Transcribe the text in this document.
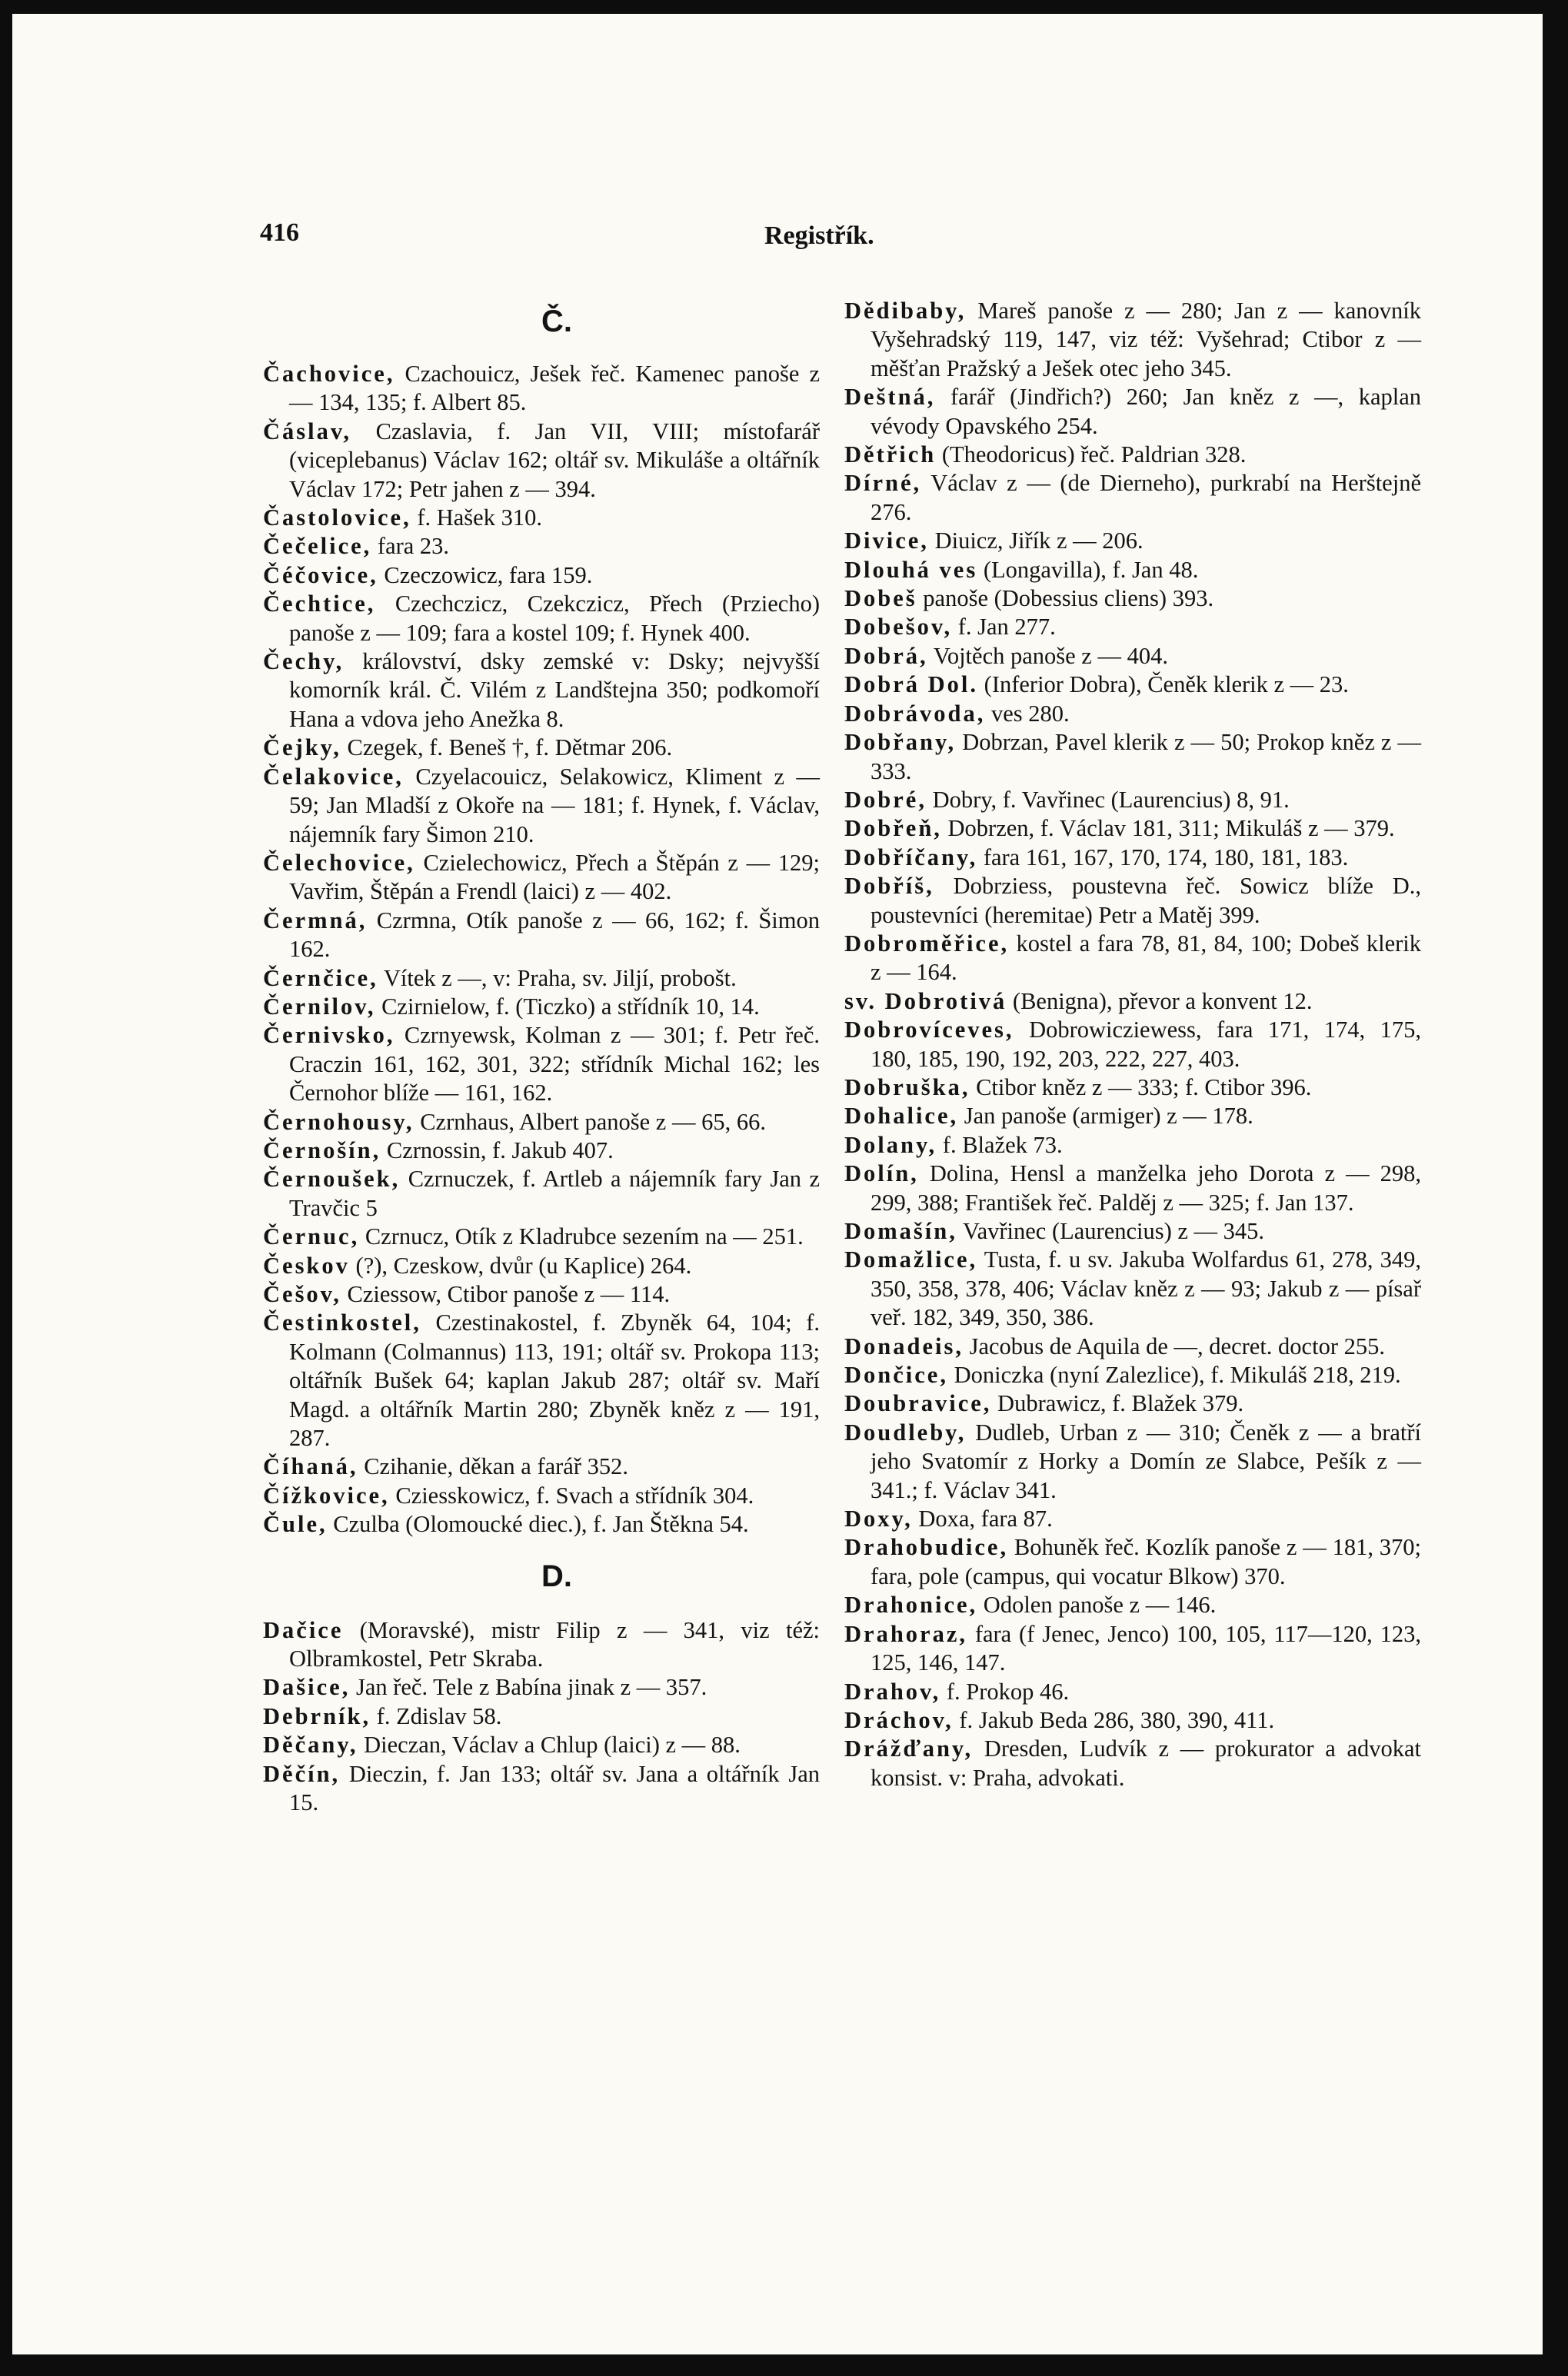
416	Registřík.
Č.

Čachovice, Czachouicz, Ješek řeč. Kamenec panoše z — 134, 135; f. Albert 85.

Čáslav, Czaslavia, f. Jan VII, VIII; místofarář (viceplebanus) Václav 162; oltář sv. Mikuláše a oltářník Václav 172; Petr jahen z — 394.

Častolovice, f. Hašek 310.

Čečelice, fara 23.

Čéčovice, Czeczowicz, fara 159.

Čechtice, Czechczicz, Czekczicz, Přech (Prziecho) panoše z — 109; fara a kostel 109; f. Hynek 400.

Čechy, království, dsky zemské v: Dsky; nejvyšší komorník král. Č. Vilém z Landštejna 350; podkomoří Hana a vdova jeho Anežka 8.

Čejky, Czegek, f. Beneš †, f. Dětmar 206.

Čelakovice, Czyelacouicz, Selakowicz, Kliment z — 59; Jan Mladší z Okoře na — 181; f. Hynek, f. Václav, nájemník fary Šimon 210.

Čelechovice, Czielechowicz, Přech a Štěpán z — 129; Vavřim, Štěpán a Frendl (laici) z — 402.

Čermná, Czrmna, Otík panoše z — 66, 162; f. Šimon 162.

Černčice, Vítek z —, v: Praha, sv. Jiljí, probošt.

Černilov, Czirnielow, f. (Ticzko) a střídník 10, 14.

Černivsko, Czrnyewsk, Kolman z — 301; f. Petr řeč. Craczin 161, 162, 301, 322; střídník Michal 162; les Černohor blíže — 161, 162.

Černohousy, Czrnhaus, Albert panoše z — 65, 66.

Černošín, Czrnossin, f. Jakub 407.

Černoušek, Czrnuczek, f. Artleb a nájemník fary Jan z Travčic 5

Černuc, Czrnucz, Otík z Kladrubce sezením na — 251.

Českov (?), Czeskow, dvůr (u Kaplice) 264.

Češov, Cziessow, Ctibor panoše z — 114.

Čestinkostel, Czestinakostel, f. Zbyněk 64, 104; f. Kolmann (Colmannus) 113, 191; oltář sv. Prokopa 113; oltářník Bušek 64; kaplan Jakub 287; oltář sv. Maří Magd. a oltářník Martin 280; Zbyněk kněz z — 191, 287.

Číhaná, Czihanie, děkan a farář 352.

Čížkovice, Cziesskowicz, f. Svach a střídník 304.

Čule, Czulba (Olomoucké diec.), f. Jan Štěkna 54.

D.

Dačice (Moravské), mistr Filip z — 341, viz též: Olbramkostel, Petr Skraba.

Dašice, Jan řeč. Tele z Babína jinak z — 357.

Debrník, f. Zdislav 58.

Děčany, Dieczan, Václav a Chlup (laici) z — 88.

Děčín, Dieczin, f. Jan 133; oltář sv. Jana a oltářník Jan 15.

Dědibaby, Mareš panoše z — 280; Jan z — kanovník Vyšehradský 119, 147, viz též: Vyšehrad; Ctibor z — měšťan Pražský a Ješek otec jeho 345.

Deštná, farář (Jindřich?) 260; Jan kněz z —, kaplan vévody Opavského 254.

Dětřich (Theodoricus) řeč. Paldrian 328.

Dírné, Václav z — (de Dierneho), purkrabí na Herštejně 276.

Divice, Diuicz, Jiřík z — 206.

Dlouhá ves (Longavilla), f. Jan 48.

Dobeš panoše (Dobessius cliens) 393.

Dobešov, f. Jan 277.

Dobrá, Vojtěch panoše z — 404.

Dobrá Dol. (Inferior Dobra), Čeněk klerik z — 23.

Dobrávoda, ves 280.

Dobřany, Dobrzan, Pavel klerik z — 50; Prokop kněz z — 333.

Dobré, Dobry, f. Vavřinec (Laurencius) 8, 91.

Dobřeň, Dobrzen, f. Václav 181, 311; Mikuláš z — 379.

Dobříčany, fara 161, 167, 170, 174, 180, 181, 183.

Dobříš, Dobrziess, poustevna řeč. Sowicz blíže D., poustevníci (heremitae) Petr a Matěj 399.

Dobroměřice, kostel a fara 78, 81, 84, 100; Dobeš klerik z — 164.

sv. Dobrotivá (Benigna), převor a konvent 12.

Dobrovíceves, Dobrowicziewess, fara 171, 174, 175, 180, 185, 190, 192, 203, 222, 227, 403.

Dobruška, Ctibor kněz z — 333; f. Ctibor 396.

Dohalice, Jan panoše (armiger) z — 178.

Dolany, f. Blažek 73.

Dolín, Dolina, Hensl a manželka jeho Dorota z — 298, 299, 388; František řeč. Palděj z — 325; f. Jan 137.

Domašín, Vavřinec (Laurencius) z — 345.

Domažlice, Tusta, f. u sv. Jakuba Wolfardus 61, 278, 349, 350, 358, 378, 406; Václav kněz z — 93; Jakub z — písař veř. 182, 349, 350, 386.

Donadeis, Jacobus de Aquila de —, decret. doctor 255.

Dončice, Doniczka (nyní Zalezlice), f. Mikuláš 218, 219.

Doubravice, Dubrawicz, f. Blažek 379.

Doudleby, Dudleb, Urban z — 310; Čeněk z — a bratří jeho Svatomír z Horky a Domín ze Slabce, Pešík z — 341.; f. Václav 341.

Doxy, Doxa, fara 87.

Drahobudice, Bohuněk řeč. Kozlík panoše z — 181, 370; fara, pole (campus, qui vocatur Blkow) 370.

Drahonice, Odolen panoše z — 146.

Drahoraz, fara (f Jenec, Jenco) 100, 105, 117—120, 123, 125, 146, 147.

Drahov, f. Prokop 46.

Dráchov, f. Jakub Beda 286, 380, 390, 411.

Drážďany, Dresden, Ludvík z — prokurator a advokat konsist. v: Praha, advokati.
